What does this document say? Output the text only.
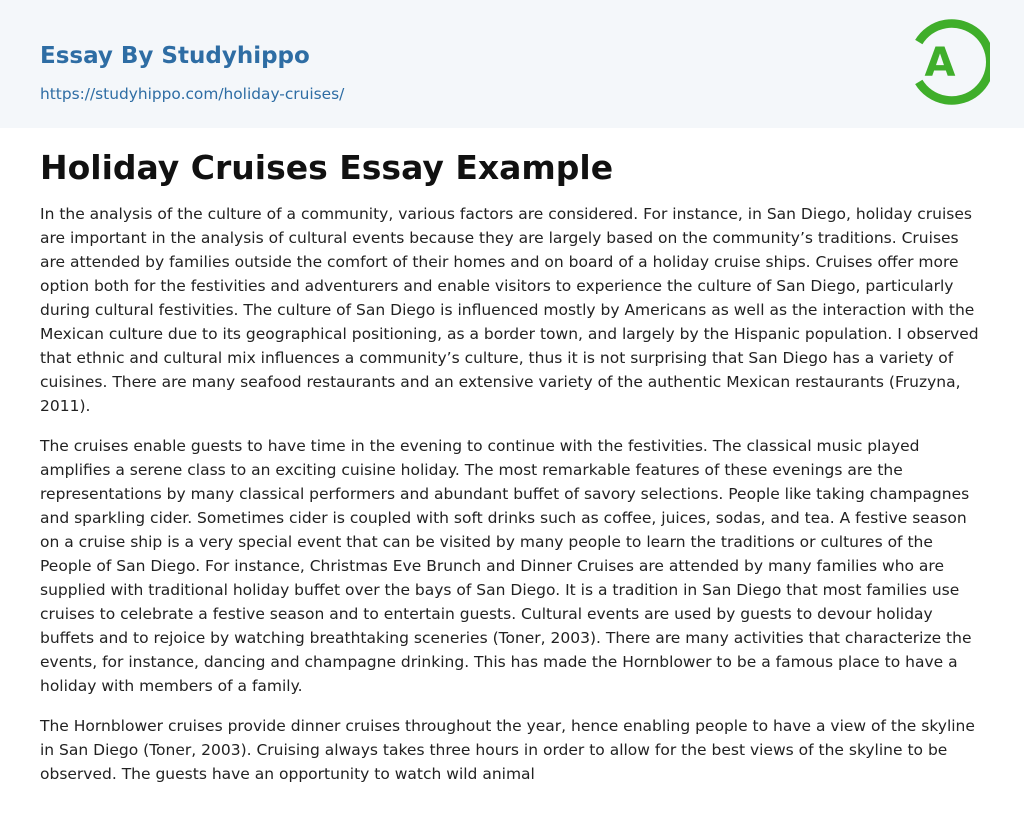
Essay By Studyhippo
https://studyhippo.com/holiday-cruises/
A
Holiday Cruises Essay Example

In the analysis of the culture of a community, various factors are considered. For instance, in San Diego, holiday cruises are important in the analysis of cultural events because they are largely based on the community’s traditions. Cruises are attended by families outside the comfort of their homes and on board of a holiday cruise ships. Cruises offer more option both for the festivities and adventurers and enable visitors to experience the culture of San Diego, particularly during cultural festivities. The culture of San Diego is influenced mostly by Americans as well as the interaction with the Mexican culture due to its geographical positioning, as a border town, and largely by the Hispanic population. I observed that ethnic and cultural mix influences a community’s culture, thus it is not surprising that San Diego has a variety of cuisines. There are many seafood restaurants and an extensive variety of the authentic Mexican restaurants (Fruzyna, 2011).

The cruises enable guests to have time in the evening to continue with the festivities. The classical music played amplifies a serene class to an exciting cuisine holiday. The most remarkable features of these evenings are the representations by many classical performers and abundant buffet of savory selections. People like taking champagnes and sparkling cider. Sometimes cider is coupled with soft drinks such as coffee, juices, sodas, and tea. A festive season on a cruise ship is a very special event that can be visited by many people to learn the traditions or cultures of the People of San Diego. For instance, Christmas Eve Brunch and Dinner Cruises are attended by many families who are supplied with traditional holiday buffet over the bays of San Diego. It is a tradition in San Diego that most families use cruises to celebrate a festive season and to entertain guests. Cultural events are used by guests to devour holiday buffets and to rejoice by watching breathtaking sceneries (Toner, 2003). There are many activities that characterize the events, for instance, dancing and champagne drinking. This has made the Hornblower to be a famous place to have a holiday with members of a family.

The Hornblower cruises provide dinner cruises throughout the year, hence enabling people to have a view of the skyline in San Diego (Toner, 2003). Cruising always takes three hours in order to allow for the best views of the skyline to be observed. The guests have an opportunity to watch wild animal
